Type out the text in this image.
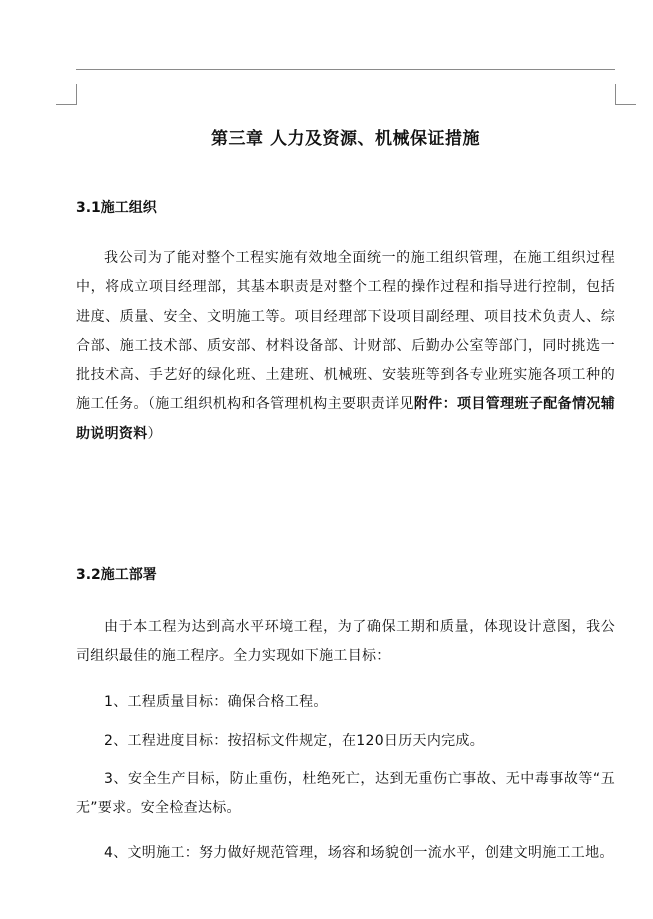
第三章 人力及资源、机械保证措施
3.1施工组织

我公司为了能对整个工程实施有效地全面统一的施工组织管理，在施工组织过程中，将成立项目经理部，其基本职责是对整个工程的操作过程和指导进行控制，包括进度、质量、安全、文明施工等。项目经理部下设项目副经理、项目技术负责人、综合部、施工技术部、质安部、材料设备部、计财部、后勤办公室等部门，同时挑选一批技术高、手艺好的绿化班、土建班、机械班、安装班等到各专业班实施各项工种的施工任务。（施工组织机构和各管理机构主要职责详见附件：项目管理班子配备情况辅助说明资料）

3.2施工部署

由于本工程为达到高水平环境工程，为了确保工期和质量，体现设计意图，我公司组织最佳的施工程序。全力实现如下施工目标：

1、工程质量目标：确保合格工程。

2、工程进度目标：按招标文件规定，在120日历天内完成。

3、安全生产目标，防止重伤，杜绝死亡，达到无重伤亡事故、无中毒事故等“五无”要求。安全检查达标。

4、文明施工：努力做好规范管理，场容和场貌创一流水平，创建文明施工工地。
